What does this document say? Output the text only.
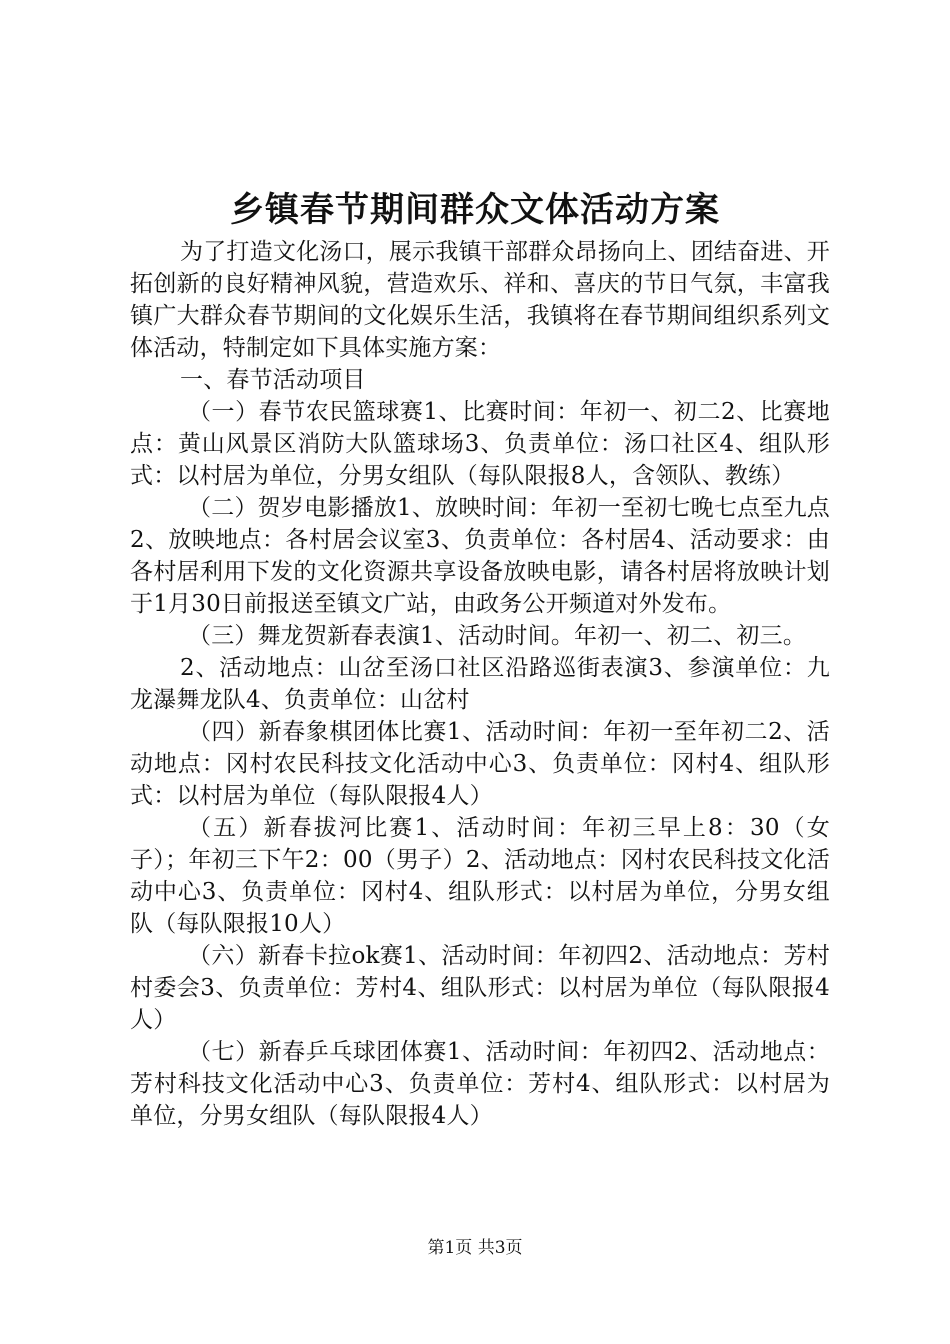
乡镇春节期间群众文体活动方案

为了打造文化汤口，展示我镇干部群众昂扬向上、团结奋进、开拓创新的良好精神风貌，营造欢乐、祥和、喜庆的节日气氛，丰富我镇广大群众春节期间的文化娱乐生活，我镇将在春节期间组织系列文体活动，特制定如下具体实施方案：

一、春节活动项目

（一）春节农民篮球赛1、比赛时间：年初一、初二2、比赛地点：黄山风景区消防大队篮球场3、负责单位：汤口社区4、组队形式：以村居为单位，分男女组队（每队限报8人，含领队、教练）

（二）贺岁电影播放1、放映时间：年初一至初七晚七点至九点2、放映地点：各村居会议室3、负责单位：各村居4、活动要求：由各村居利用下发的文化资源共享设备放映电影，请各村居将放映计划于1月30日前报送至镇文广站，由政务公开频道对外发布。

（三）舞龙贺新春表演1、活动时间。年初一、初二、初三。

2、活动地点：山岔至汤口社区沿路巡街表演3、参演单位：九龙瀑舞龙队4、负责单位：山岔村

（四）新春象棋团体比赛1、活动时间：年初一至年初二2、活动地点：冈村农民科技文化活动中心3、负责单位：冈村4、组队形式：以村居为单位（每队限报4人）

（五）新春拔河比赛1、活动时间：年初三早上8：30（女子）；年初三下午2：00（男子）2、活动地点：冈村农民科技文化活动中心3、负责单位：冈村4、组队形式：以村居为单位，分男女组队（每队限报10人）

（六）新春卡拉ok赛1、活动时间：年初四2、活动地点：芳村村委会3、负责单位：芳村4、组队形式：以村居为单位（每队限报4人）

（七）新春乒乓球团体赛1、活动时间：年初四2、活动地点：芳村科技文化活动中心3、负责单位：芳村4、组队形式：以村居为单位，分男女组队（每队限报4人）

第1页 共3页
